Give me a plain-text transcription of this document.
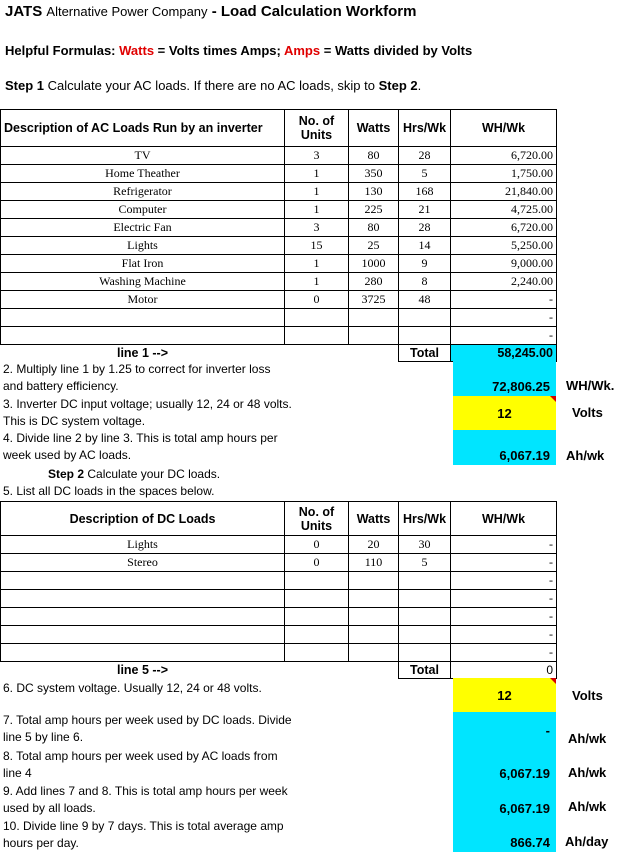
JATS Alternative Power Company - Load Calculation Workform
Helpful Formulas: Watts = Volts times Amps; Amps = Watts divided by Volts
Step 1 Calculate your AC loads. If there are no AC loads, skip to Step 2.
Description of AC Loads Run by an inverter	No. of Units	Watts	Hrs/Wk	WH/Wk
TV	3	80	28	6,720.00
Home Theather	1	350	5	1,750.00
Refrigerator	1	130	168	21,840.00
Computer	1	225	21	4,725.00
Electric Fan	3	80	28	6,720.00
Lights	15	25	14	5,250.00
Flat Iron	1	1000	9	9,000.00
Washing Machine	1	280	8	2,240.00
Motor	0	3725	48	-
				-
				-
line 1 -->			Total	58,245.00
2. Multiply line 1 by 1.25 to correct for inverter loss and battery efficiency.	72,806.25	WH/Wk.
3. Inverter DC input voltage; usually 12, 24 or 48 volts. This is DC system voltage.
12	Volts
4. Divide line 2 by line 3. This is total amp hours per week used by AC loads.	6,067.19	Ah/wk
Step 2 Calculate your DC loads.
5. List all DC loads in the spaces below.
Description of DC Loads	No. of Units	Watts	Hrs/Wk	WH/Wk
Lights	0	20	30	-
Stereo	0	110	5	-
				-
				-
				-
				-
				-
line 5 -->			Total	0
6. DC system voltage. Usually 12, 24 or 48 volts.	12	Volts
7. Total amp hours per week used by DC loads. Divide line 5 by line 6.	-
Ah/wk
8. Total amp hours per week used by AC loads from line 4	6,067.19	Ah/wk
9. Add lines 7 and 8. This is total amp hours per week used by all loads.	6,067.19	Ah/wk
10. Divide line 9 by 7 days. This is total average amp hours per day.	866.74	Ah/day
